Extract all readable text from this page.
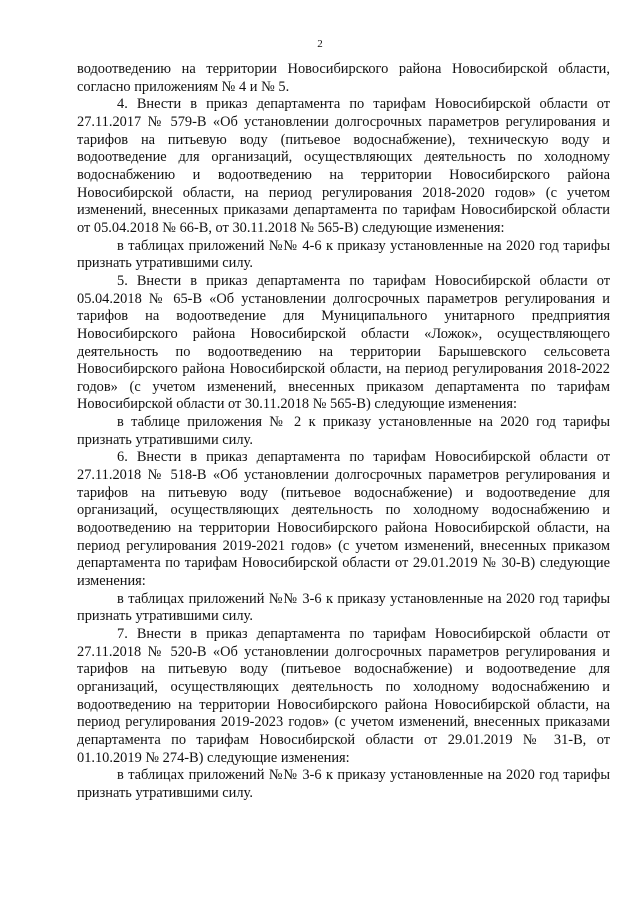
2

водоотведению на территории Новосибирского района Новосибирской области, согласно приложениям № 4 и № 5.

4. Внести в приказ департамента по тарифам Новосибирской области от 27.11.2017 № 579-В «Об установлении долгосрочных параметров регулирования и тарифов на питьевую воду (питьевое водоснабжение), техническую воду и водоотведение для организаций, осуществляющих деятельность по холодному водоснабжению и водоотведению на территории Новосибирского района Новосибирской области, на период регулирования 2018-2020 годов» (с учетом изменений, внесенных приказами департамента по тарифам Новосибирской области от 05.04.2018 № 66-В, от 30.11.2018 № 565-В) следующие изменения:

в таблицах приложений №№ 4-6 к приказу установленные на 2020 год тарифы признать утратившими силу.

5. Внести в приказ департамента по тарифам Новосибирской области от 05.04.2018 № 65-В «Об установлении долгосрочных параметров регулирования и тарифов на водоотведение для Муниципального унитарного предприятия Новосибирского района Новосибирской области «Ложок», осуществляющего деятельность по водоотведению на территории Барышевского сельсовета Новосибирского района Новосибирской области, на период регулирования 2018-2022 годов» (с учетом изменений, внесенных приказом департамента по тарифам Новосибирской области от 30.11.2018 № 565-В) следующие изменения:

в таблице приложения № 2 к приказу установленные на 2020 год тарифы признать утратившими силу.

6. Внести в приказ департамента по тарифам Новосибирской области от 27.11.2018 № 518-В «Об установлении долгосрочных параметров регулирования и тарифов на питьевую воду (питьевое водоснабжение) и водоотведение для организаций, осуществляющих деятельность по холодному водоснабжению и водоотведению на территории Новосибирского района Новосибирской области, на период регулирования 2019-2021 годов» (с учетом изменений, внесенных приказом департамента по тарифам Новосибирской области от 29.01.2019 № 30-В) следующие изменения:

в таблицах приложений №№ 3-6 к приказу установленные на 2020 год тарифы признать утратившими силу.

7. Внести в приказ департамента по тарифам Новосибирской области от 27.11.2018 № 520-В «Об установлении долгосрочных параметров регулирования и тарифов на питьевую воду (питьевое водоснабжение) и водоотведение для организаций, осуществляющих деятельность по холодному водоснабжению и водоотведению на территории Новосибирского района Новосибирской области, на период регулирования 2019-2023 годов» (с учетом изменений, внесенных приказами департамента по тарифам Новосибирской области от 29.01.2019 № 31-В, от 01.10.2019 № 274-В) следующие изменения:

в таблицах приложений №№ 3-6 к приказу установленные на 2020 год тарифы признать утратившими силу.
